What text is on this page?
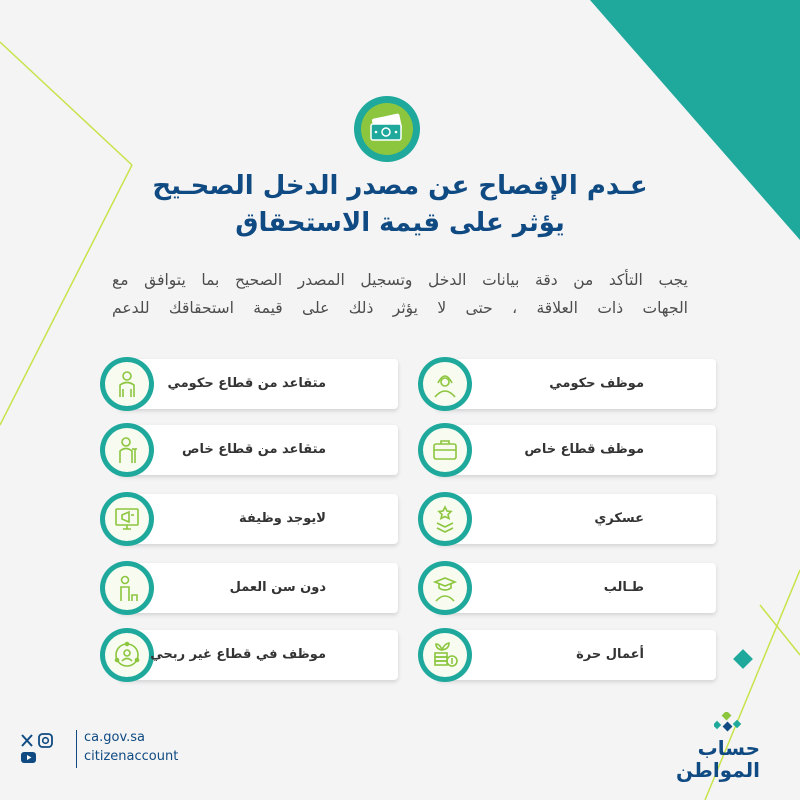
عـدم الإفصاح عن مصدر الدخل الصحـيح
يؤثر على قيمة الاستحقاق
يجب التأكد من دقة بيانات الدخل وتسجيل المصدر الصحيح بما يتوافق مع
الجهات ذات العلاقة ، حتى لا يؤثر ذلك على قيمة استحقاقك للدعم
متقاعد من قطاع حكومي
متقاعد من قطاع خاص
لايوجد وظيفة
دون سن العمل
موظف في قطاع غير ربحي
موظف حكومي
موظف قطاع خاص
عسكري
طـالب
أعمال حرة
ca.gov.sa
citizenaccount	حساب
المواطن
